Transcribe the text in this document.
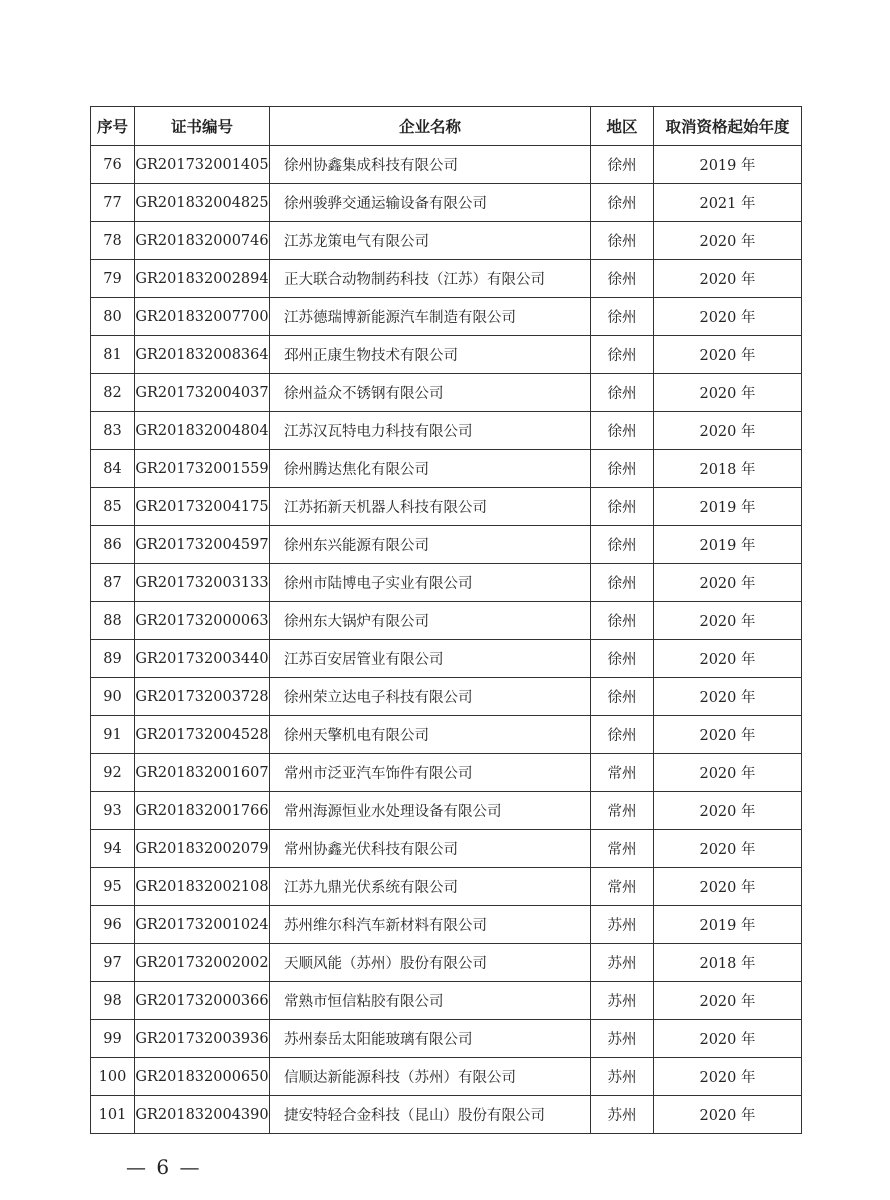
序号	证书编号	企业名称	地区	取消资格起始年度
76	GR201732001405	徐州协鑫集成科技有限公司	徐州	2019 年
77	GR201832004825	徐州骏骅交通运输设备有限公司	徐州	2021 年
78	GR201832000746	江苏龙策电气有限公司	徐州	2020 年
79	GR201832002894	正大联合动物制药科技（江苏）有限公司	徐州	2020 年
80	GR201832007700	江苏德瑞博新能源汽车制造有限公司	徐州	2020 年
81	GR201832008364	邳州正康生物技术有限公司	徐州	2020 年
82	GR201732004037	徐州益众不锈钢有限公司	徐州	2020 年
83	GR201832004804	江苏汉瓦特电力科技有限公司	徐州	2020 年
84	GR201732001559	徐州腾达焦化有限公司	徐州	2018 年
85	GR201732004175	江苏拓新天机器人科技有限公司	徐州	2019 年
86	GR201732004597	徐州东兴能源有限公司	徐州	2019 年
87	GR201732003133	徐州市陆博电子实业有限公司	徐州	2020 年
88	GR201732000063	徐州东大锅炉有限公司	徐州	2020 年
89	GR201732003440	江苏百安居管业有限公司	徐州	2020 年
90	GR201732003728	徐州荣立达电子科技有限公司	徐州	2020 年
91	GR201732004528	徐州天擎机电有限公司	徐州	2020 年
92	GR201832001607	常州市泛亚汽车饰件有限公司	常州	2020 年
93	GR201832001766	常州海源恒业水处理设备有限公司	常州	2020 年
94	GR201832002079	常州协鑫光伏科技有限公司	常州	2020 年
95	GR201832002108	江苏九鼎光伏系统有限公司	常州	2020 年
96	GR201732001024	苏州维尔科汽车新材料有限公司	苏州	2019 年
97	GR201732002002	天顺风能（苏州）股份有限公司	苏州	2018 年
98	GR201732000366	常熟市恒信粘胶有限公司	苏州	2020 年
99	GR201732003936	苏州泰岳太阳能玻璃有限公司	苏州	2020 年
100	GR201832000650	信顺达新能源科技（苏州）有限公司	苏州	2020 年
101	GR201832004390	捷安特轻合金科技（昆山）股份有限公司	苏州	2020 年
— 6 —
